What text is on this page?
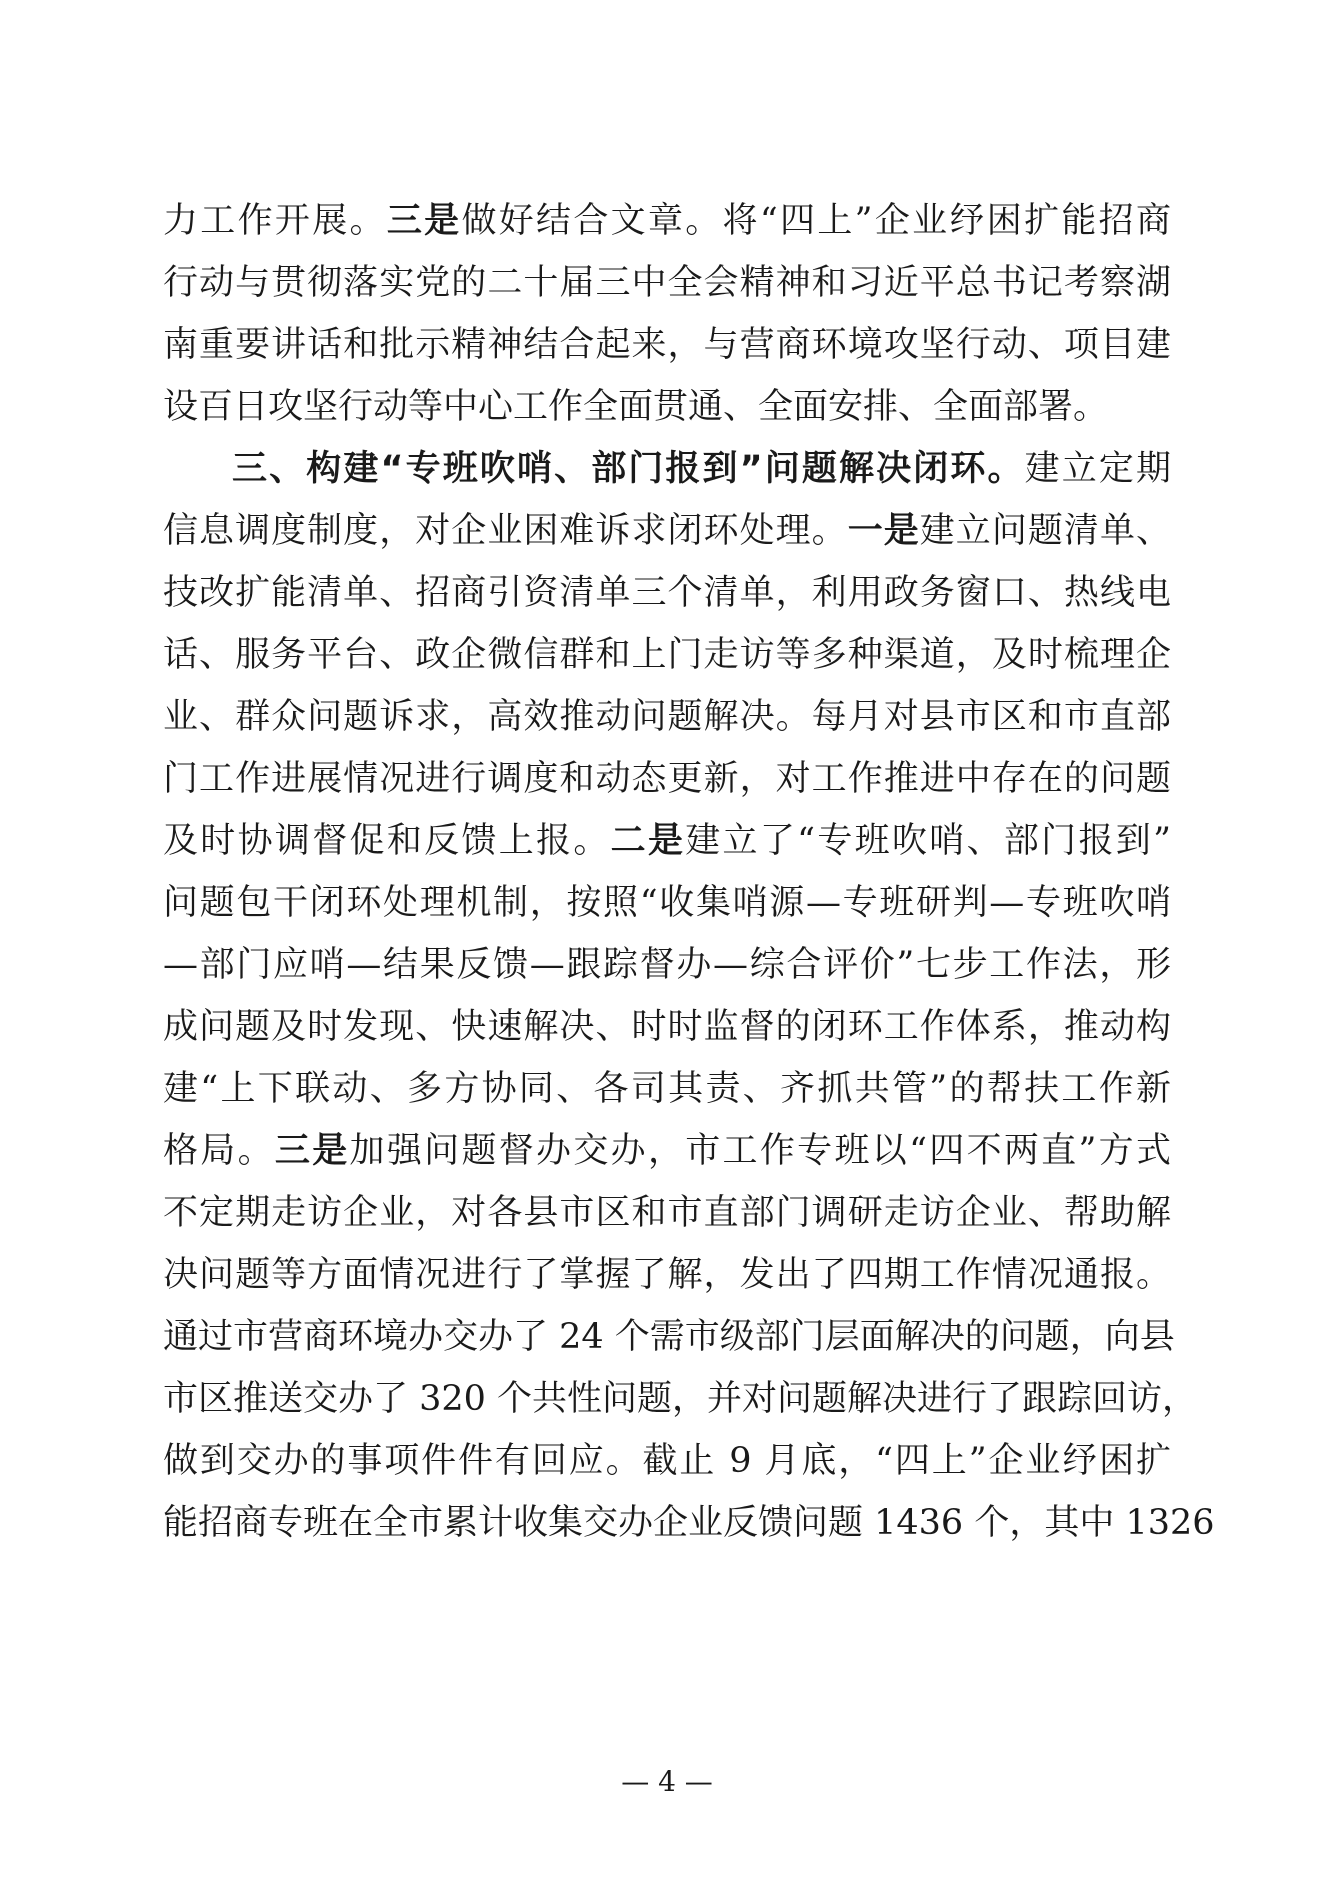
力工作开展。三是做好结合文章。将“四上”企业纾困扩能招商
行动与贯彻落实党的二十届三中全会精神和习近平总书记考察湖
南重要讲话和批示精神结合起来，与营商环境攻坚行动、项目建
设百日攻坚行动等中心工作全面贯通、全面安排、全面部署。
三、构建“专班吹哨、部门报到”问题解决闭环。建立定期
信息调度制度，对企业困难诉求闭环处理。一是建立问题清单、
技改扩能清单、招商引资清单三个清单，利用政务窗口、热线电
话、服务平台、政企微信群和上门走访等多种渠道，及时梳理企
业、群众问题诉求，高效推动问题解决。每月对县市区和市直部
门工作进展情况进行调度和动态更新，对工作推进中存在的问题
及时协调督促和反馈上报。二是建立了“专班吹哨、部门报到”
问题包干闭环处理机制，按照“收集哨源—专班研判—专班吹哨
—部门应哨—结果反馈—跟踪督办—综合评价”七步工作法，形
成问题及时发现、快速解决、时时监督的闭环工作体系，推动构
建“上下联动、多方协同、各司其责、齐抓共管”的帮扶工作新
格局。三是加强问题督办交办，市工作专班以“四不两直”方式
不定期走访企业，对各县市区和市直部门调研走访企业、帮助解
决问题等方面情况进行了掌握了解，发出了四期工作情况通报。
通过市营商环境办交办了 24 个需市级部门层面解决的问题，向县
市区推送交办了 320 个共性问题，并对问题解决进行了跟踪回访，
做到交办的事项件件有回应。截止 9 月底，“四上”企业纾困扩
能招商专班在全市累计收集交办企业反馈问题 1436 个，其中 1326
— 4 —
